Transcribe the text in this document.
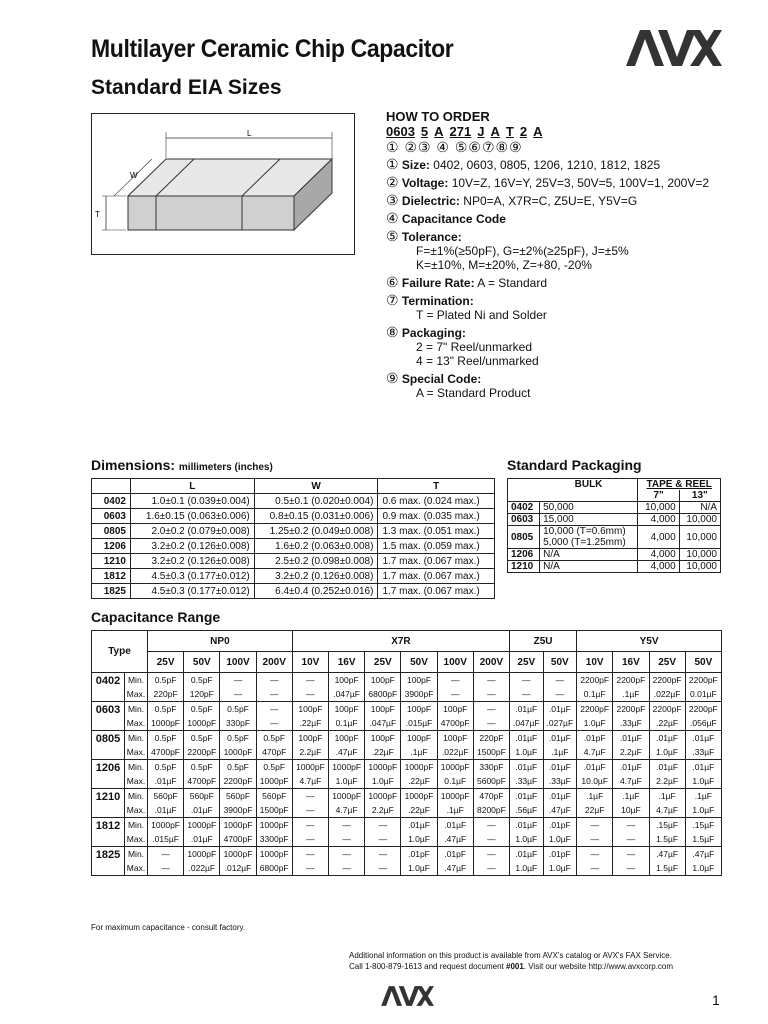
Multilayer Ceramic Chip Capacitor
Standard EIA Sizes
L
W
T
HOW TO ORDER
0603 5 A 271 J A T 2 A
① ②③ ④ ⑤⑥⑦⑧⑨
① Size: 0402, 0603, 0805, 1206, 1210, 1812, 1825
② Voltage: 10V=Z, 16V=Y, 25V=3, 50V=5, 100V=1, 200V=2
③ Dielectric: NP0=A, X7R=C, Z5U=E, Y5V=G
④ Capacitance Code
⑤ Tolerance:
F=±1%(≥50pF), G=±2%(≥25pF), J=±5%
K=±10%, M=±20%, Z=+80, -20%
⑥ Failure Rate: A = Standard
⑦ Termination:
T = Plated Ni and Solder
⑧ Packaging:
2 = 7" Reel/unmarked
4 = 13" Reel/unmarked
⑨ Special Code:
A = Standard Product
Dimensions: millimeters (inches)
	L	W	T
0402	1.0±0.1 (0.039±0.004)	0.5±0.1 (0.020±0.004)	0.6 max. (0.024 max.)
0603	1.6±0.15 (0.063±0.006)	0.8±0.15 (0.031±0.006)	0.9 max. (0.035 max.)
0805	2.0±0.2 (0.079±0.008)	1.25±0.2 (0.049±0.008)	1.3 max. (0.051 max.)
1206	3.2±0.2 (0.126±0.008)	1.6±0.2 (0.063±0.008)	1.5 max. (0.059 max.)
1210	3.2±0.2 (0.126±0.008)	2.5±0.2 (0.098±0.008)	1.7 max. (0.067 max.)
1812	4.5±0.3 (0.177±0.012)	3.2±0.2 (0.126±0.008)	1.7 max. (0.067 max.)
1825	4.5±0.3 (0.177±0.012)	6.4±0.4 (0.252±0.016)	1.7 max. (0.067 max.)
Standard Packaging
	BULK	TAPE & REEL	
		7"	13"
0402	50,000	10,000	N/A
0603	15,000	4,000	10,000
0805	10,000 (T=0.6mm)
5,000 (T=1.25mm)	4,000	10,000
1206	N/A	4,000	10,000
1210	N/A	4,000	10,000
Capacitance Range
Type		NP0				X7R						Z5U		Y5V			
		25V	50V	100V	200V	10V	16V	25V	50V	100V	200V	25V	50V	10V	16V	25V	50V
0402	Min.	0.5pF	0.5pF	—	—	—	100pF	100pF	100pF	—	—	—	—	2200pF	2200pF	2200pF	2200pF
	Max.	220pF	120pF	—	—	—	.047µF	6800pF	3900pF	—	—	—	—	0.1µF	.1µF	.022µF	0.01µF
0603	Min.	0.5pF	0.5pF	0.5pF	—	100pF	100pF	100pF	100pF	100pF	—	.01µF	.01µF	2200pF	2200pF	2200pF	2200pF
	Max.	1000pF	1000pF	330pF	—	.22µF	0.1µF	.047µF	.015µF	4700pF	—	.047µF	.027µF	1.0µF	.33µF	.22µF	.056µF
0805	Min.	0.5pF	0.5pF	0.5pF	0.5pF	100pF	100pF	100pF	100pF	100pF	220pF	.01µF	.01µF	.01pF	.01µF	.01µF	.01µF
	Max.	4700pF	2200pF	1000pF	470pF	2.2µF	.47µF	.22µF	.1µF	.022µF	1500pF	1.0µF	.1µF	4.7µF	2.2µF	1.0µF	.33µF
1206	Min.	0.5pF	0.5pF	0.5pF	0.5pF	1000pF	1000pF	1000pF	1000pF	1000pF	330pF	.01µF	.01µF	.01µF	.01µF	.01µF	.01µF
	Max.	.01µF	4700pF	2200pF	1000pF	4.7µF	1.0µF	1.0µF	.22µF	0.1µF	5600pF	.33µF	.33µF	10.0µF	4.7µF	2.2µF	1.0µF
1210	Min.	560pF	560pF	560pF	560pF	—	1000pF	1000pF	1000pF	1000pF	470pF	.01µF	.01µF	.1µF	.1µF	.1µF	.1µF
	Max.	.01µF	.01µF	3900pF	1500pF	—	4.7µF	2.2µF	.22µF	.1µF	8200pF	.56µF	.47µF	22µF	10µF	4.7µF	1.0µF
1812	Min.	1000pF	1000pF	1000pF	1000pF	—	—	—	.01µF	.01µF	—	.01µF	.01pF	—	—	.15µF	.15µF
	Max.	.015µF	.01µF	4700pF	3300pF	—	—	—	1.0µF	.47µF	—	1.0µF	1.0µF	—	—	1.5µF	1.5µF
1825	Min.	—	1000pF	1000pF	1000pF	—	—	—	.01pF	.01pF	—	.01µF	.01pF	—	—	.47µF	.47µF
	Max.	—	.022µF	.012µF	6800pF	—	—	—	1.0µF	.47µF	—	1.0µF	1.0µF	—	—	1.5µF	1.0µF
For maximum capacitance - consult factory.
Additional information on this product is available from AVX's catalog or AVX's FAX Service.
Call 1-800-879-1613 and request document #001. Visit our website http://www.avxcorp.com
1
